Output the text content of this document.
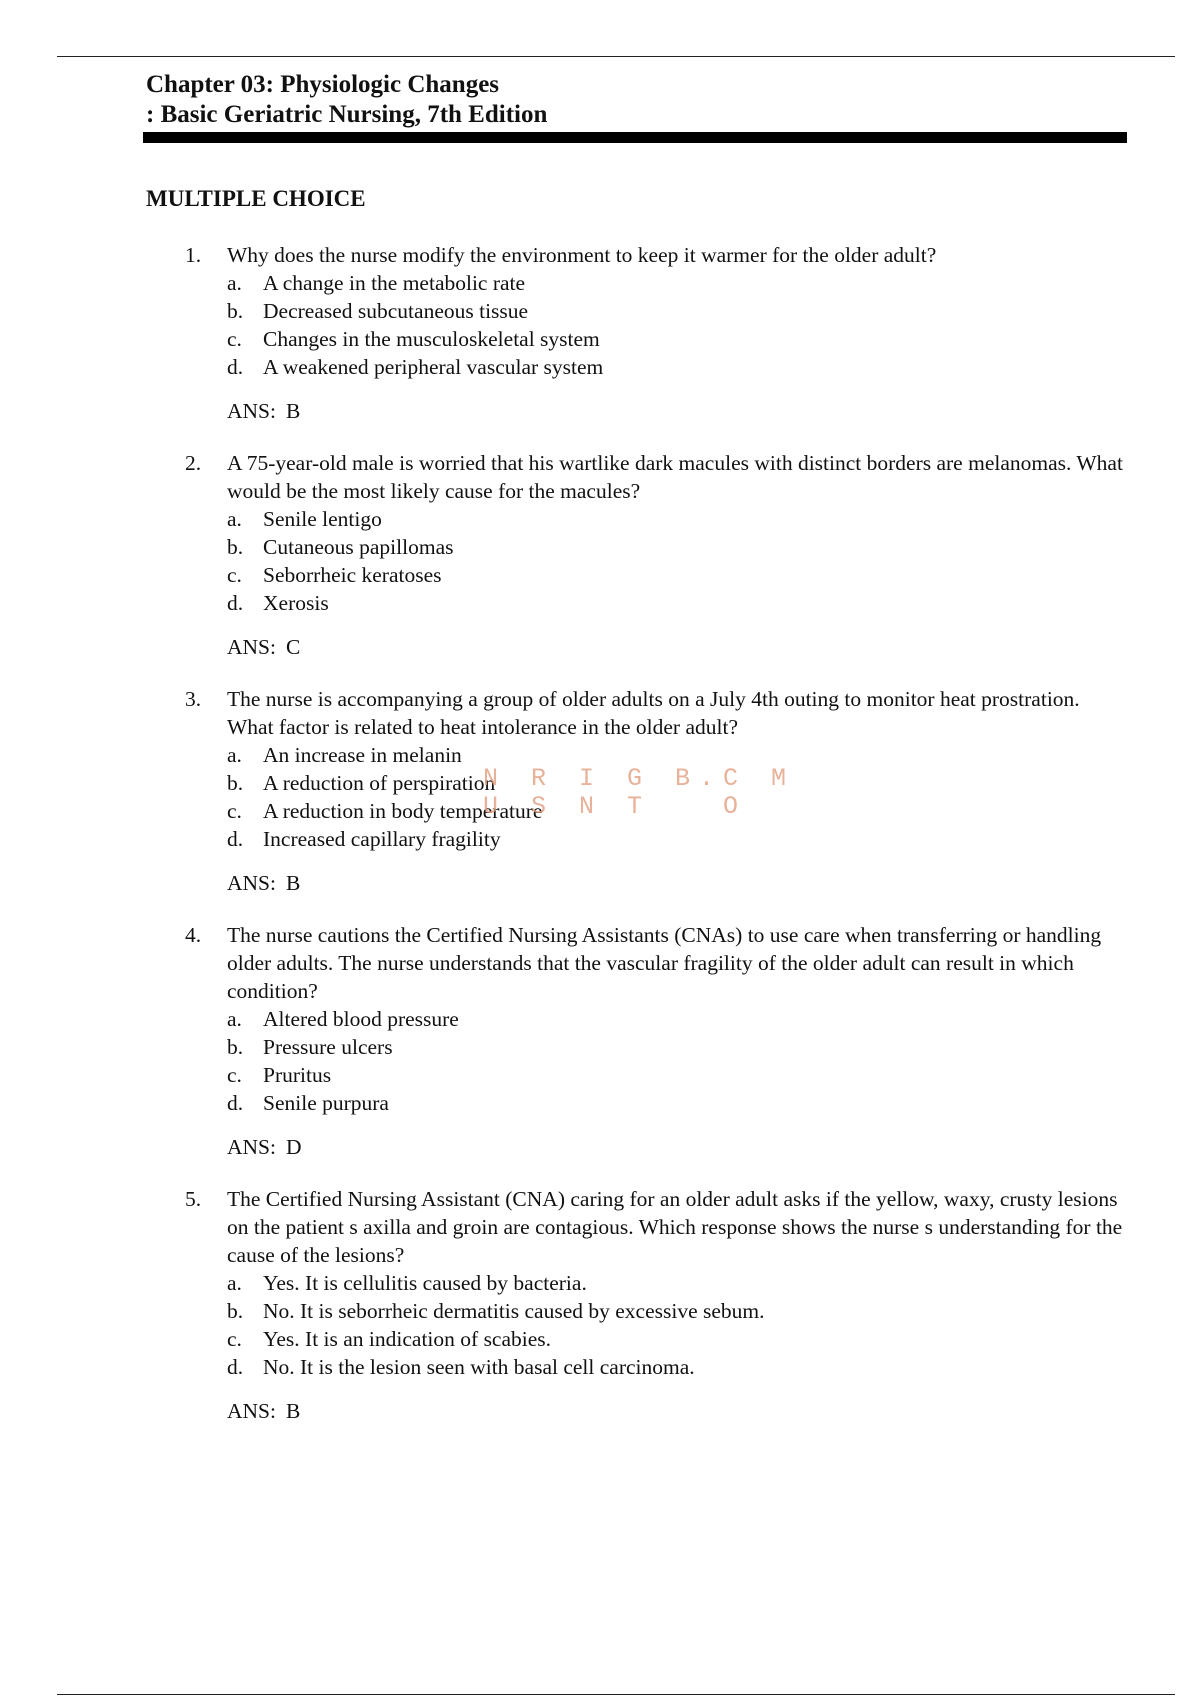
Chapter 03: Physiologic Changes
: Basic Geriatric Nursing, 7th Edition
MULTIPLE CHOICE
1.	Why does the nurse modify the environment to keep it warmer for the older adult?
a. A change in the metabolic rate
b. Decreased subcutaneous tissue
c. Changes in the musculoskeletal system
d. A weakened peripheral vascular system
ANS: B
2.	A 75-year-old male is worried that his wartlike dark macules with distinct borders are melanomas. What would be the most likely cause for the macules?
a. Senile lentigo
b. Cutaneous papillomas
c. Seborrheic keratoses
d. Xerosis
ANS: C
3.	The nurse is accompanying a group of older adults on a July 4th outing to monitor heat prostration. What factor is related to heat intolerance in the older adult?
a. An increase in melanin
b. A reduction of perspiration
c. A reduction in body temperature
d. Increased capillary fragility
ANS: B
4.	The nurse cautions the Certified Nursing Assistants (CNAs) to use care when transferring or handling older adults. The nurse understands that the vascular fragility of the older adult can result in which condition?
a. Altered blood pressure
b. Pressure ulcers
c. Pruritus
d. Senile purpura
ANS: D
5.	The Certified Nursing Assistant (CNA) caring for an older adult asks if the yellow, waxy, crusty lesions on the patient s axilla and groin are contagious. Which response shows the nurse s understanding for the cause of the lesions?
a. Yes. It is cellulitis caused by bacteria.
b. No. It is seborrheic dermatitis caused by excessive sebum.
c. Yes. It is an indication of scabies.
d. No. It is the lesion seen with basal cell carcinoma.
ANS: B
N R I G B.C M
U S N T   O
